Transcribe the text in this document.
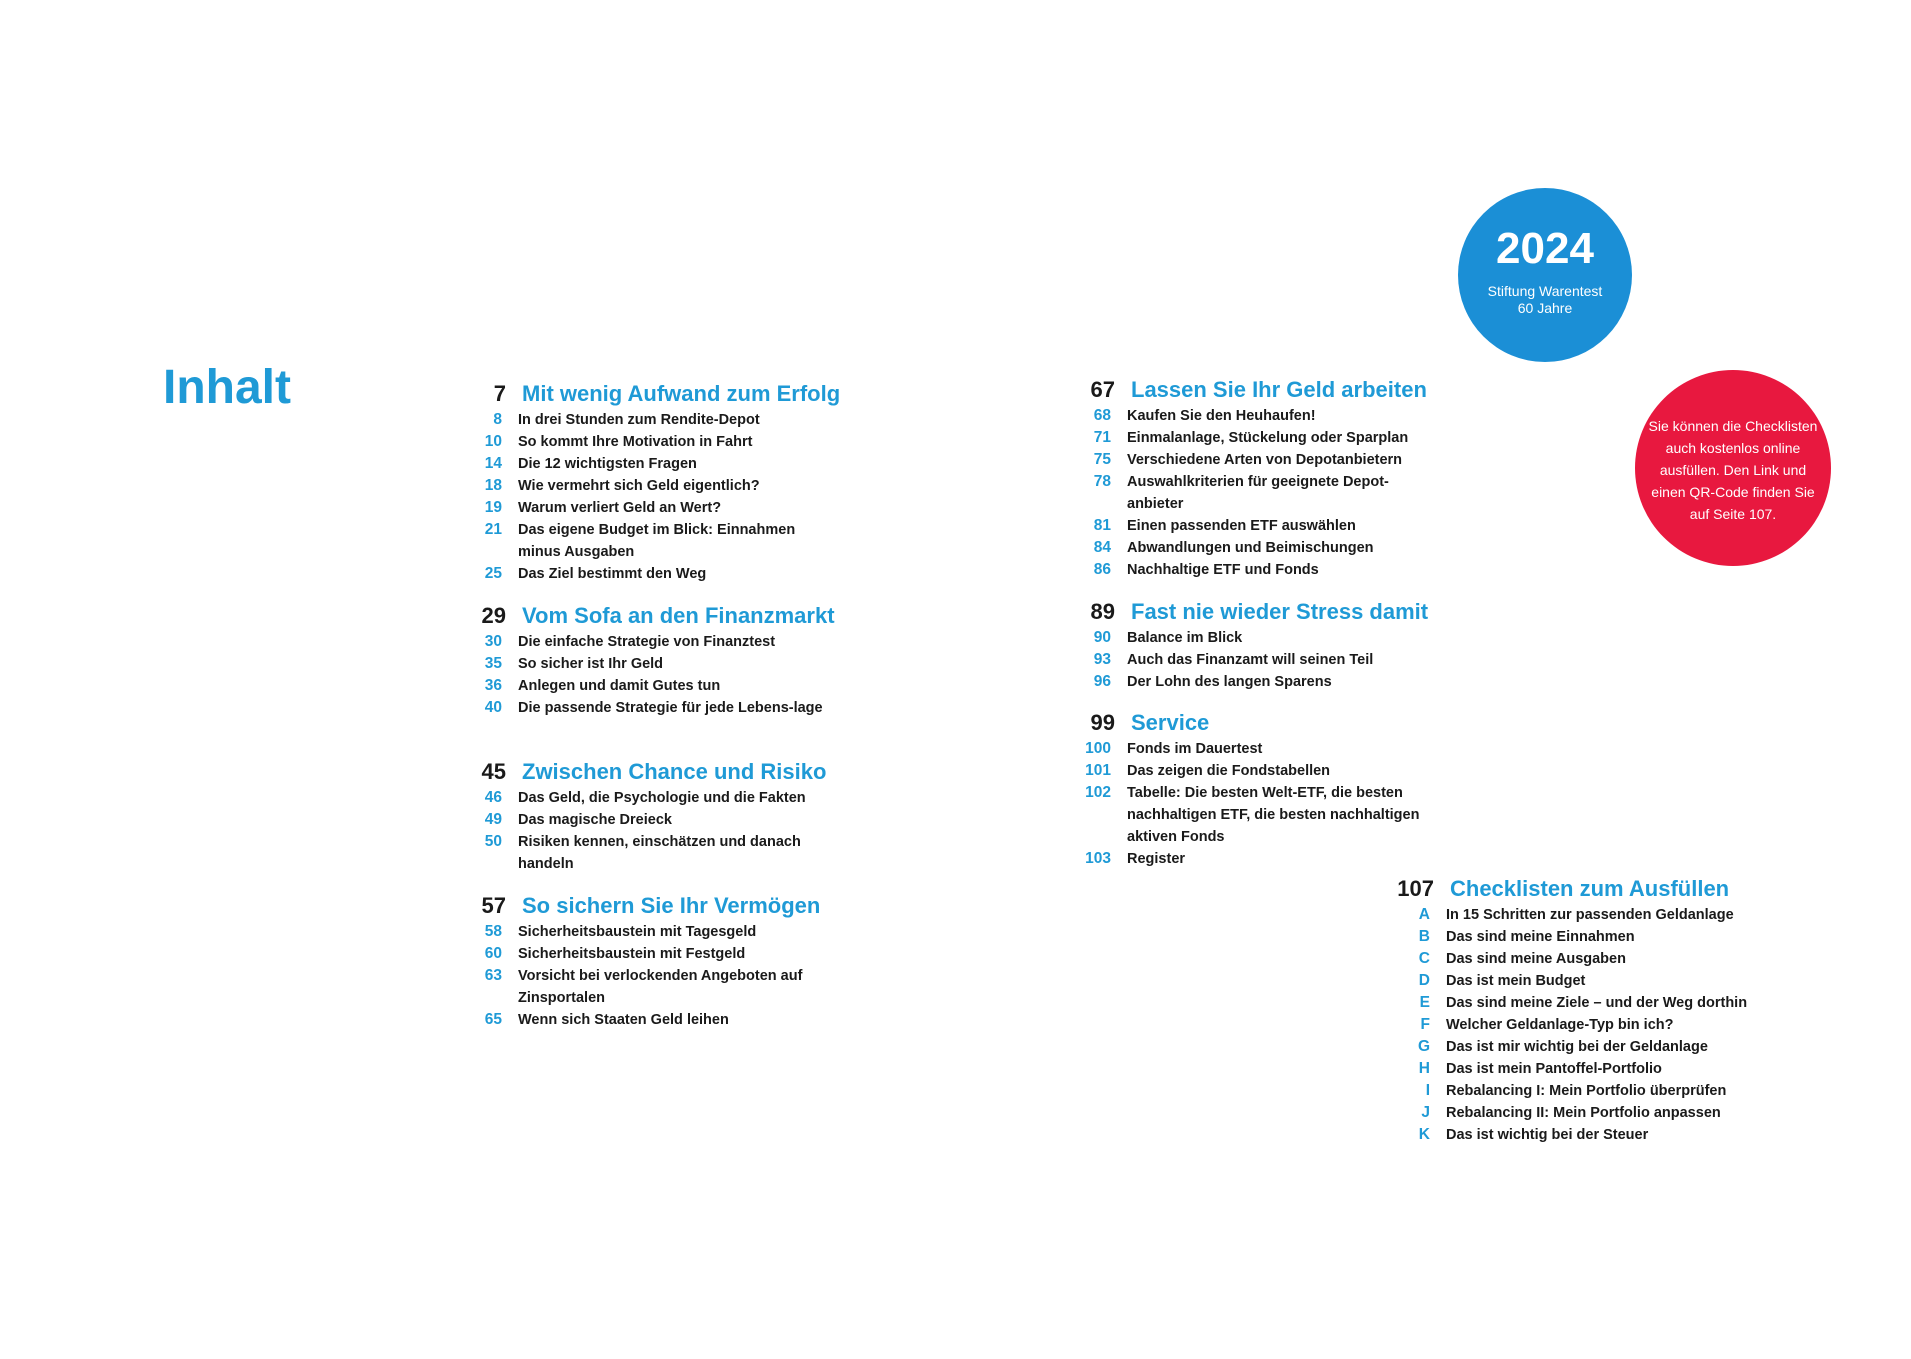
Inhalt
2024
Stiftung Warentest
60 Jahre
Sie können die Checklisten auch kostenlos online ausfüllen. Den Link und einen QR-Code finden Sie auf Seite 107.
7 Mit wenig Aufwand zum Erfolg
8 In drei Stunden zum Rendite-Depot
10 So kommt Ihre Motivation in Fahrt
14 Die 12 wichtigsten Fragen
18 Wie vermehrt sich Geld eigentlich?
19 Warum verliert Geld an Wert?
21 Das eigene Budget im Blick: Einnahmen minus Ausgaben
25 Das Ziel bestimmt den Weg
29 Vom Sofa an den Finanzmarkt
30 Die einfache Strategie von Finanztest
35 So sicher ist Ihr Geld
36 Anlegen und damit Gutes tun
40 Die passende Strategie für jede Lebens-lage
45 Zwischen Chance und Risiko
46 Das Geld, die Psychologie und die Fakten
49 Das magische Dreieck
50 Risiken kennen, einschätzen und danach handeln
57 So sichern Sie Ihr Vermögen
58 Sicherheitsbaustein mit Tagesgeld
60 Sicherheitsbaustein mit Festgeld
63 Vorsicht bei verlockenden Angeboten auf Zinsportalen
65 Wenn sich Staaten Geld leihen
67 Lassen Sie Ihr Geld arbeiten
68 Kaufen Sie den Heuhaufen!
71 Einmalanlage, Stückelung oder Sparplan
75 Verschiedene Arten von Depotanbietern
78 Auswahlkriterien für geeignete Depot-anbieter
81 Einen passenden ETF auswählen
84 Abwandlungen und Beimischungen
86 Nachhaltige ETF und Fonds
89 Fast nie wieder Stress damit
90 Balance im Blick
93 Auch das Finanzamt will seinen Teil
96 Der Lohn des langen Sparens
99 Service
100 Fonds im Dauertest
101 Das zeigen die Fondstabellen
102 Tabelle: Die besten Welt-ETF, die besten nachhaltigen ETF, die besten nachhaltigen aktiven Fonds
103 Register
107 Checklisten zum Ausfüllen
A In 15 Schritten zur passenden Geldanlage
B Das sind meine Einnahmen
C Das sind meine Ausgaben
D Das ist mein Budget
E Das sind meine Ziele – und der Weg dorthin
F Welcher Geldanlage-Typ bin ich?
G Das ist mir wichtig bei der Geldanlage
H Das ist mein Pantoffel-Portfolio
I Rebalancing I: Mein Portfolio überprüfen
J Rebalancing II: Mein Portfolio anpassen
K Das ist wichtig bei der Steuer
